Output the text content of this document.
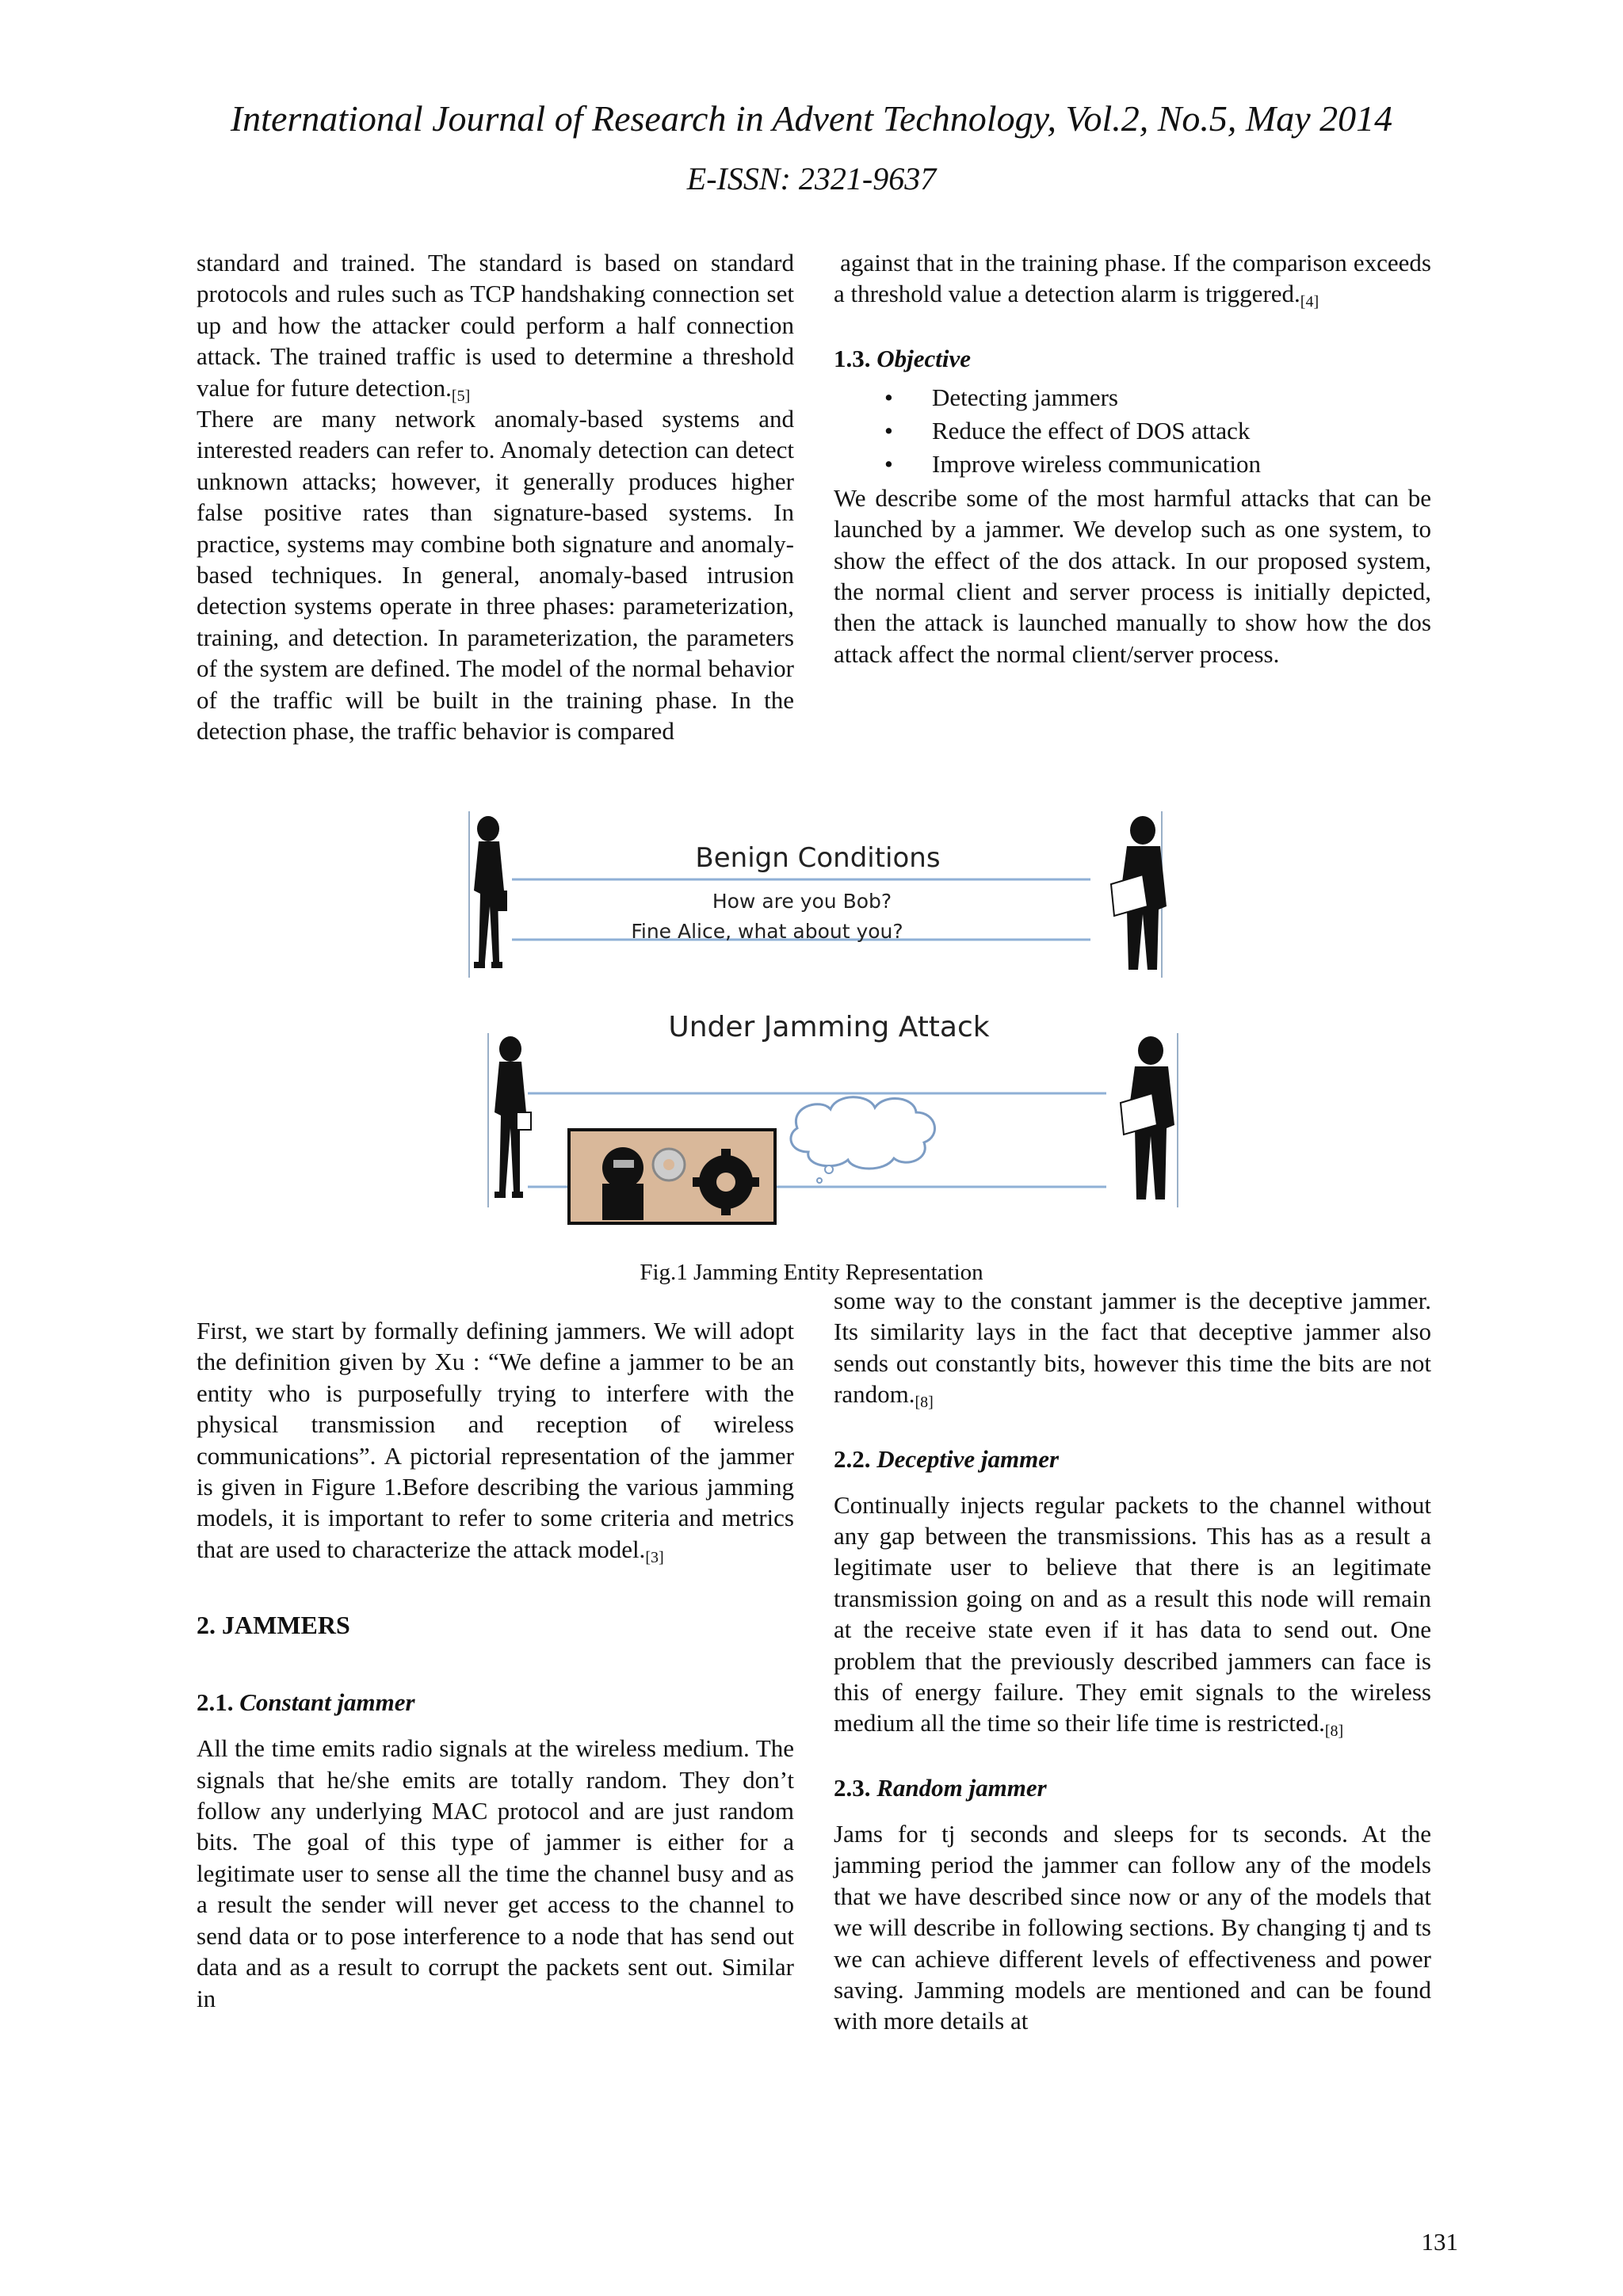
International Journal of Research in Advent Technology, Vol.2, No.5, May 2014
E-ISSN: 2321-9637

standard and trained. The standard is based on standard protocols and rules such as TCP handshaking connection set up and how the attacker could perform a half connection attack. The trained traffic is used to determine a threshold value for future $detection._{[5]}$

There are many network anomaly-based systems and interested readers can refer to. Anomaly detection can detect unknown attacks; however, it generally produces higher false positive rates than signature-based systems. In practice, systems may combine both signature and anomaly-based techniques. In general, anomaly-based intrusion detection systems operate in three phases: parameterization, training, and detection. In parameterization, the parameters of the system are defined. The model of the normal behavior of the traffic will be built in the training phase. In the detection phase, the traffic behavior is compared

against that in the training phase. If the comparison exceeds a threshold value a detection alarm is $triggered._{[4]}$

1.3. Objective
• Detecting jammers
• Reduce the effect of DOS attack
• Improve wireless communication

We describe some of the most harmful attacks that can be launched by a jammer. We develop such as one system, to show the effect of the dos attack. In our proposed system, the normal client and server process is initially depicted, then the attack is launched manually to show how the dos attack affect the normal client/server process.

Benign Conditions
How are you Bob?
Fine Alice, what about you?
Under Jamming Attack
Fig.1 Jamming Entity Representation

First, we start by formally defining jammers. We will adopt the definition given by Xu : “We define a jammer to be an entity who is purposefully trying to interfere with the physical transmission and reception of wireless communications”. A pictorial representation of the jammer is given in Figure 1.Before describing the various jamming models, it is important to refer to some criteria and metrics that are used to characterize the attack $model._{[3]}$

2. JAMMERS

2.1. Constant jammer

All the time emits radio signals at the wireless medium. The signals that he/she emits are totally random. They don’t follow any underlying MAC protocol and are just random bits. The goal of this type of jammer is either for a legitimate user to sense all the time the channel busy and as a result the sender will never get access to the channel to send data or to pose interference to a node that has send out data and as a result to corrupt the packets sent out. Similar in

some way to the constant jammer is the deceptive jammer. Its similarity lays in the fact that deceptive jammer also sends out constantly bits, however this time the bits are not $random._{[8]}$

2.2. Deceptive jammer

Continually injects regular packets to the channel without any gap between the transmissions. This has as a result a legitimate user to believe that there is an legitimate transmission going on and as a result this node will remain at the receive state even if it has data to send out. One problem that the previously described jammers can face is this of energy failure. They emit signals to the wireless medium all the time so their life time is $restricted._{[8]}$

2.3. Random jammer

Jams for tj seconds and sleeps for ts seconds. At the jamming period the jammer can follow any of the models that we have described since now or any of the models that we will describe in following sections. By changing tj and ts we can achieve different levels of effectiveness and power saving. Jamming models are mentioned and can be found with more details at

131
